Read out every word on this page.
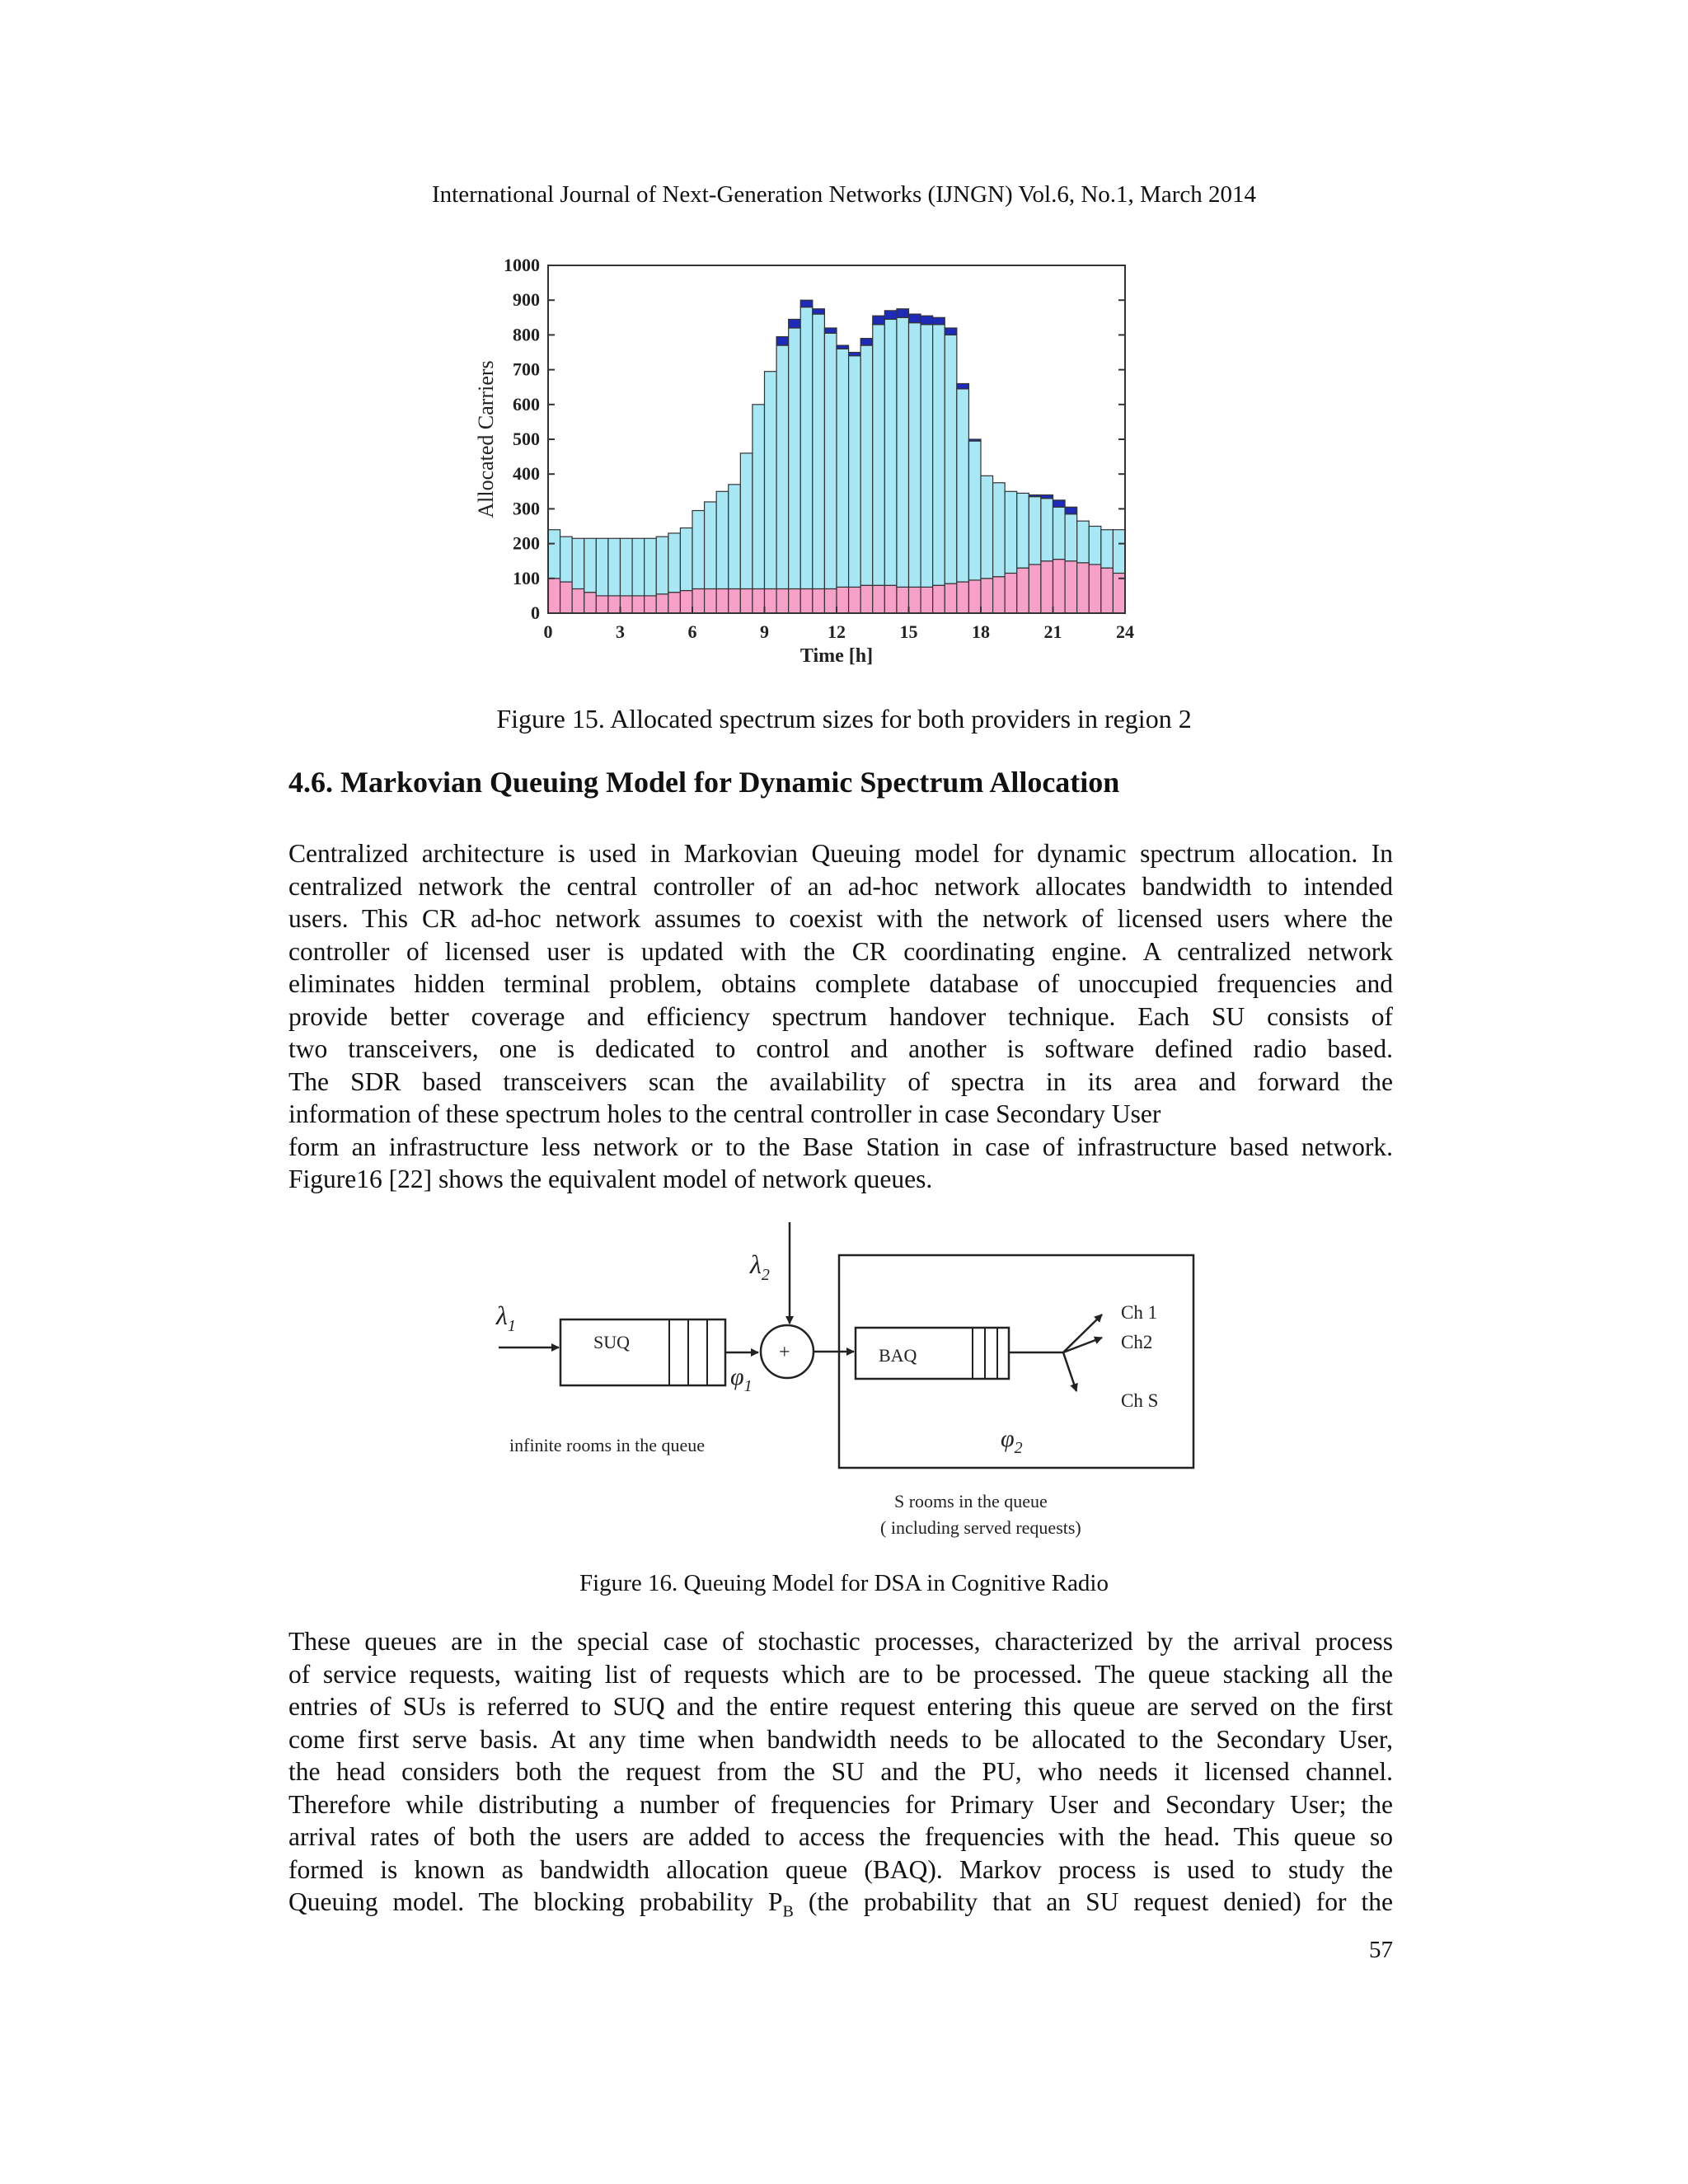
International Journal of Next-Generation Networks (IJNGN) Vol.6, No.1, March 2014
0	3	6	9	12	15	18	21	24
0
100
200
300
400
500
600
700
800
900
1000
Allocated Carriers
Time [h]
Figure 15. Allocated spectrum sizes for both providers in region 2
4.6. Markovian Queuing Model for Dynamic Spectrum Allocation
Centralized architecture is used in Markovian Queuing model for dynamic spectrum allocation. In
centralized network the central controller of an ad-hoc network allocates bandwidth to intended
users. This CR ad-hoc network assumes to coexist with the network of licensed users where the
controller of licensed user is updated with the CR coordinating engine. A centralized network
eliminates hidden terminal problem, obtains complete database of unoccupied frequencies and
provide better coverage and efficiency spectrum handover technique. Each SU consists of
two transceivers, one is dedicated to control and another is software defined radio based.
The SDR based transceivers scan the availability of spectra in its area and forward the
information of these spectrum holes to the central controller in case Secondary User
form an infrastructure less network or to the Base Station in case of infrastructure based network.
Figure16 [22] shows the equivalent model of network queues.
$\lambda_1$
SUQ
$\varphi_1$
+
$\lambda_2$
BAQ
Ch 1
Ch2
Ch S
$\varphi_2$
infinite rooms in the queue
S rooms in the queue
( including served requests)
Figure 16. Queuing Model for DSA in Cognitive Radio
These queues are in the special case of stochastic processes, characterized by the arrival process
of service requests, waiting list of requests which are to be processed. The queue stacking all the
entries of SUs is referred to SUQ and the entire request entering this queue are served on the first
come first serve basis. At any time when bandwidth needs to be allocated to the Secondary User,
the head considers both the request from the SU and the PU, who needs it licensed channel.
Therefore while distributing a number of frequencies for Primary User and Secondary User; the
arrival rates of both the users are added to access the frequencies with the head. This queue so
formed is known as bandwidth allocation queue (BAQ). Markov process is used to study the
Queuing model. The blocking probability $P_B$ (the probability that an SU request denied) for the
57
